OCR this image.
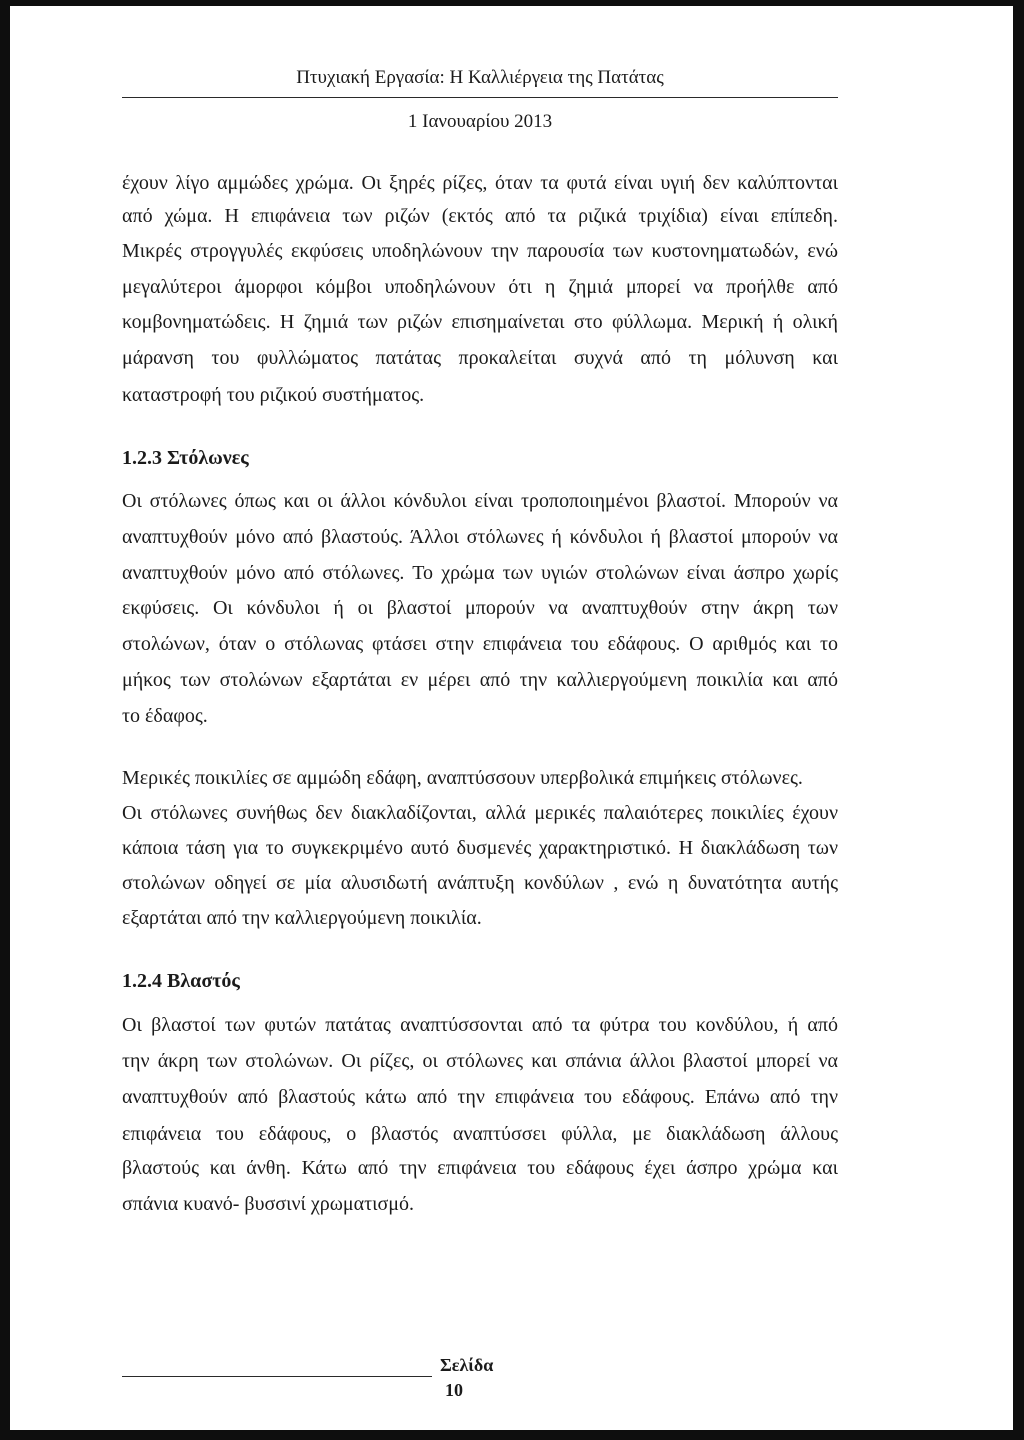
Πτυχιακή Εργασία: Η Καλλιέργεια της Πατάτας
1 Ιανουαρίου 2013
έχουν λίγο αμμώδες χρώμα. Οι ξηρές ρίζες, όταν τα φυτά είναι υγιή δεν καλύπτονται
από χώμα. Η επιφάνεια των ριζών (εκτός από τα ριζικά τριχίδια) είναι επίπεδη.
Μικρές στρογγυλές εκφύσεις υποδηλώνουν την παρουσία των κυστονηματωδών, ενώ
μεγαλύτεροι άμορφοι κόμβοι υποδηλώνουν ότι η ζημιά μπορεί να προήλθε από
κομβονηματώδεις. Η ζημιά των ριζών επισημαίνεται στο φύλλωμα. Μερική ή ολική
μάρανση του φυλλώματος πατάτας προκαλείται συχνά από τη μόλυνση και
καταστροφή του ριζικού συστήματος.
1.2.3 Στόλωνες
Οι στόλωνες όπως και οι άλλοι κόνδυλοι είναι τροποποιημένοι βλαστοί. Μπορούν να
αναπτυχθούν μόνο από βλαστούς. Άλλοι στόλωνες ή κόνδυλοι ή βλαστοί μπορούν να
αναπτυχθούν μόνο από στόλωνες. Το χρώμα των υγιών στολώνων είναι άσπρο χωρίς
εκφύσεις. Οι κόνδυλοι ή οι βλαστοί μπορούν να αναπτυχθούν στην άκρη των
στολώνων, όταν ο στόλωνας φτάσει στην επιφάνεια του εδάφους. Ο αριθμός και το
μήκος των στολώνων εξαρτάται εν μέρει από την καλλιεργούμενη ποικιλία και από
το έδαφος.
Μερικές ποικιλίες σε αμμώδη εδάφη, αναπτύσσουν υπερβολικά επιμήκεις στόλωνες.
Οι στόλωνες συνήθως δεν διακλαδίζονται, αλλά μερικές παλαιότερες ποικιλίες έχουν
κάποια τάση για το συγκεκριμένο αυτό δυσμενές χαρακτηριστικό. Η διακλάδωση των
στολώνων οδηγεί σε μία αλυσιδωτή ανάπτυξη κονδύλων , ενώ η δυνατότητα αυτής
εξαρτάται από την καλλιεργούμενη ποικιλία.
1.2.4 Βλαστός
Οι βλαστοί των φυτών πατάτας αναπτύσσονται από τα φύτρα του κονδύλου, ή από
την άκρη των στολώνων. Οι ρίζες, οι στόλωνες και σπάνια άλλοι βλαστοί μπορεί να
αναπτυχθούν από βλαστούς κάτω από την επιφάνεια του εδάφους. Επάνω από την
επιφάνεια του εδάφους, ο βλαστός αναπτύσσει φύλλα, με διακλάδωση άλλους
βλαστούς και άνθη. Κάτω από την επιφάνεια του εδάφους έχει άσπρο χρώμα και
σπάνια κυανό- βυσσινί χρωματισμό.
Σελίδα
10
